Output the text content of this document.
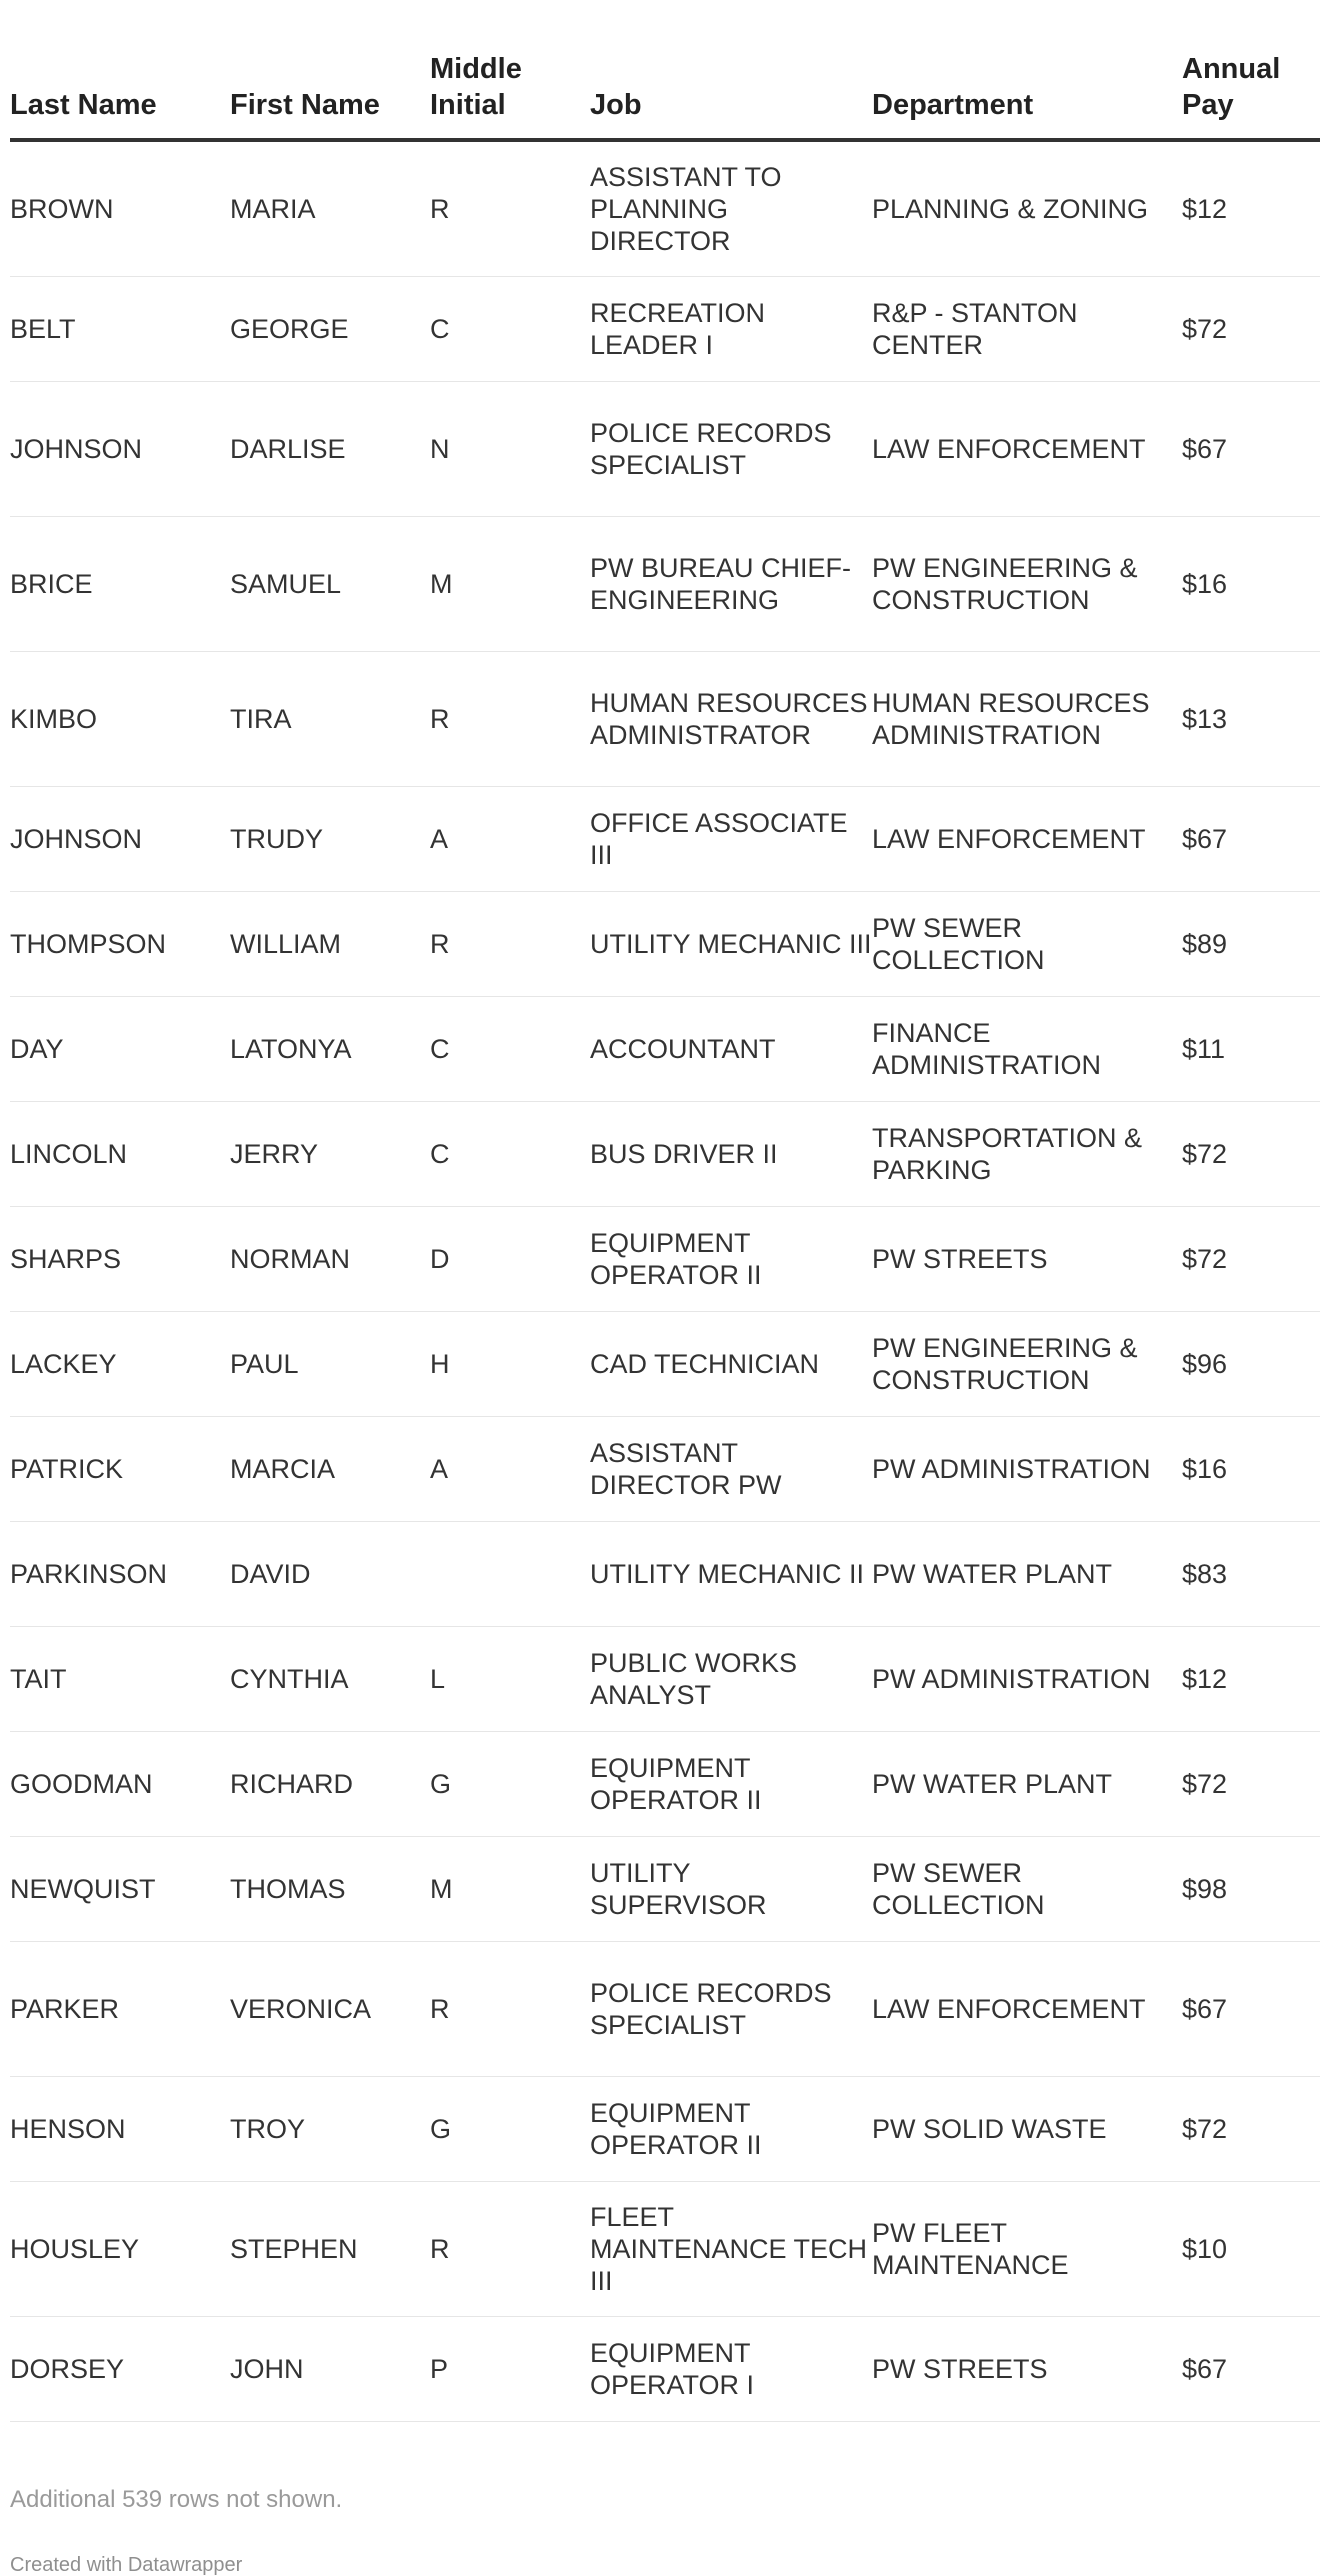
Last Name	First Name	Middle Initial	Job	Department	Annual Pay
BROWN	MARIA	R	ASSISTANT TO PLANNING DIRECTOR	PLANNING & ZONING	$12
BELT	GEORGE	C	RECREATION LEADER I	R&P - STANTON CENTER	$72
JOHNSON	DARLISE	N	POLICE RECORDS SPECIALIST	LAW ENFORCEMENT	$67
BRICE	SAMUEL	M	PW BUREAU CHIEF-ENGINEERING	PW ENGINEERING & CONSTRUCTION	$16
KIMBO	TIRA	R	HUMAN RESOURCES ADMINISTRATOR	HUMAN RESOURCES ADMINISTRATION	$13
JOHNSON	TRUDY	A	OFFICE ASSOCIATE III	LAW ENFORCEMENT	$67
THOMPSON	WILLIAM	R	UTILITY MECHANIC III	PW SEWER COLLECTION	$89
DAY	LATONYA	C	ACCOUNTANT	FINANCE ADMINISTRATION	$11
LINCOLN	JERRY	C	BUS DRIVER II	TRANSPORTATION & PARKING	$72
SHARPS	NORMAN	D	EQUIPMENT OPERATOR II	PW STREETS	$72
LACKEY	PAUL	H	CAD TECHNICIAN	PW ENGINEERING & CONSTRUCTION	$96
PATRICK	MARCIA	A	ASSISTANT DIRECTOR PW	PW ADMINISTRATION	$16
PARKINSON	DAVID		UTILITY MECHANIC II	PW WATER PLANT	$83
TAIT	CYNTHIA	L	PUBLIC WORKS ANALYST	PW ADMINISTRATION	$12
GOODMAN	RICHARD	G	EQUIPMENT OPERATOR II	PW WATER PLANT	$72
NEWQUIST	THOMAS	M	UTILITY SUPERVISOR	PW SEWER COLLECTION	$98
PARKER	VERONICA	R	POLICE RECORDS SPECIALIST	LAW ENFORCEMENT	$67
HENSON	TROY	G	EQUIPMENT OPERATOR II	PW SOLID WASTE	$72
HOUSLEY	STEPHEN	R	FLEET MAINTENANCE TECH III	PW FLEET MAINTENANCE	$10
DORSEY	JOHN	P	EQUIPMENT OPERATOR I	PW STREETS	$67
Additional 539 rows not shown.
Created with Datawrapper
